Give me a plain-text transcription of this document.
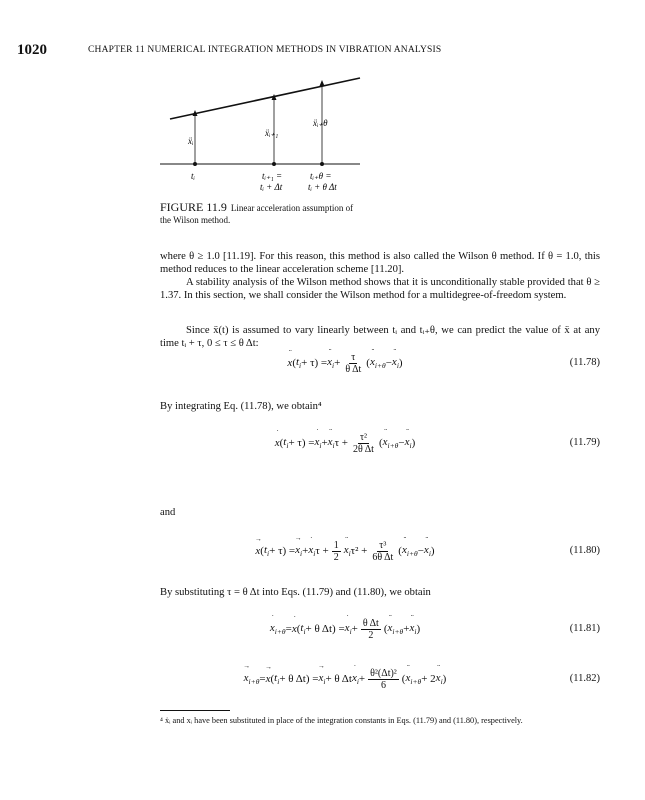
1020	CHAPTER 11 NUMERICAL INTEGRATION METHODS IN VIBRATION ANALYSIS
ẍᵢ
ẍᵢ₊₁
ẍᵢ₊θ
tᵢ	tᵢ₊₁ =
tᵢ + Δt
tᵢ₊θ =
tᵢ + θ Δt
FIGURE 11.9 Linear acceleration assumption of the Wilson method.
where θ ≥ 1.0 [11.19]. For this reason, this method is also called the Wilson θ method. If θ = 1.0, this method reduces to the linear acceleration scheme [11.20].
A stability analysis of the Wilson method shows that it is unconditionally stable provided that θ ≥ 1.37. In this section, we shall consider the Wilson method for a multidegree-of-freedom system.
Since ẍ(t) is assumed to vary linearly between tᵢ and tᵢ₊θ, we can predict the value of ẍ at any time tᵢ + τ, 0 ≤ τ ≤ θ Δt:
·· x ( $t_i + \tau$) = ·· $x_i + \frac{\tau}{\text{θ Δt}}$ ( ·· $x_{i+\theta}$ − ·· $x_i$ )	(11.78)
By integrating Eq. (11.78), we obtain⁴
· x ( $t_i + \tau$) = · $x_i$ + ·· $x_i$ $\tau + \frac{\text{τ²}}{\text{2θ Δt}}$ ( ·· $x_{i+\theta}$ − ·· $x_i$ )	(11.79)
and
→ x ( $t_i + \tau$) = → $x_i$ + · $x_i$ $\tau + \frac{1}{2} \cdot\cdot x_i$ $\tau^2 + \frac{\text{τ³}}{\text{6θ Δt}}$ ( ·· $x_{i+\theta}$ − ·· $x_i$ )	(11.80)
By substituting τ = θ Δt into Eqs. (11.79) and (11.80), we obtain
· $x_{i+\theta}$ = · x ( $t_i + \theta$ Δt) = · $x_i + \frac{\text{θ Δt}}{2}$ ( ·· $x_{i+\theta}$ + ·· $x_i$ )	(11.81)
→ $x_{i+\theta}$ = → x ( $t_i + \theta$ Δt) = → $x_i + \theta$ $\Delta t \cdot x_i + \frac{\text{θ²(Δt)²}}{6}$ ( ·· $x_{i+\theta} + 2 \cdot\cdot x_i$ )	(11.82)
⁴ ẋᵢ and xᵢ have been substituted in place of the integration constants in Eqs. (11.79) and (11.80), respectively.
